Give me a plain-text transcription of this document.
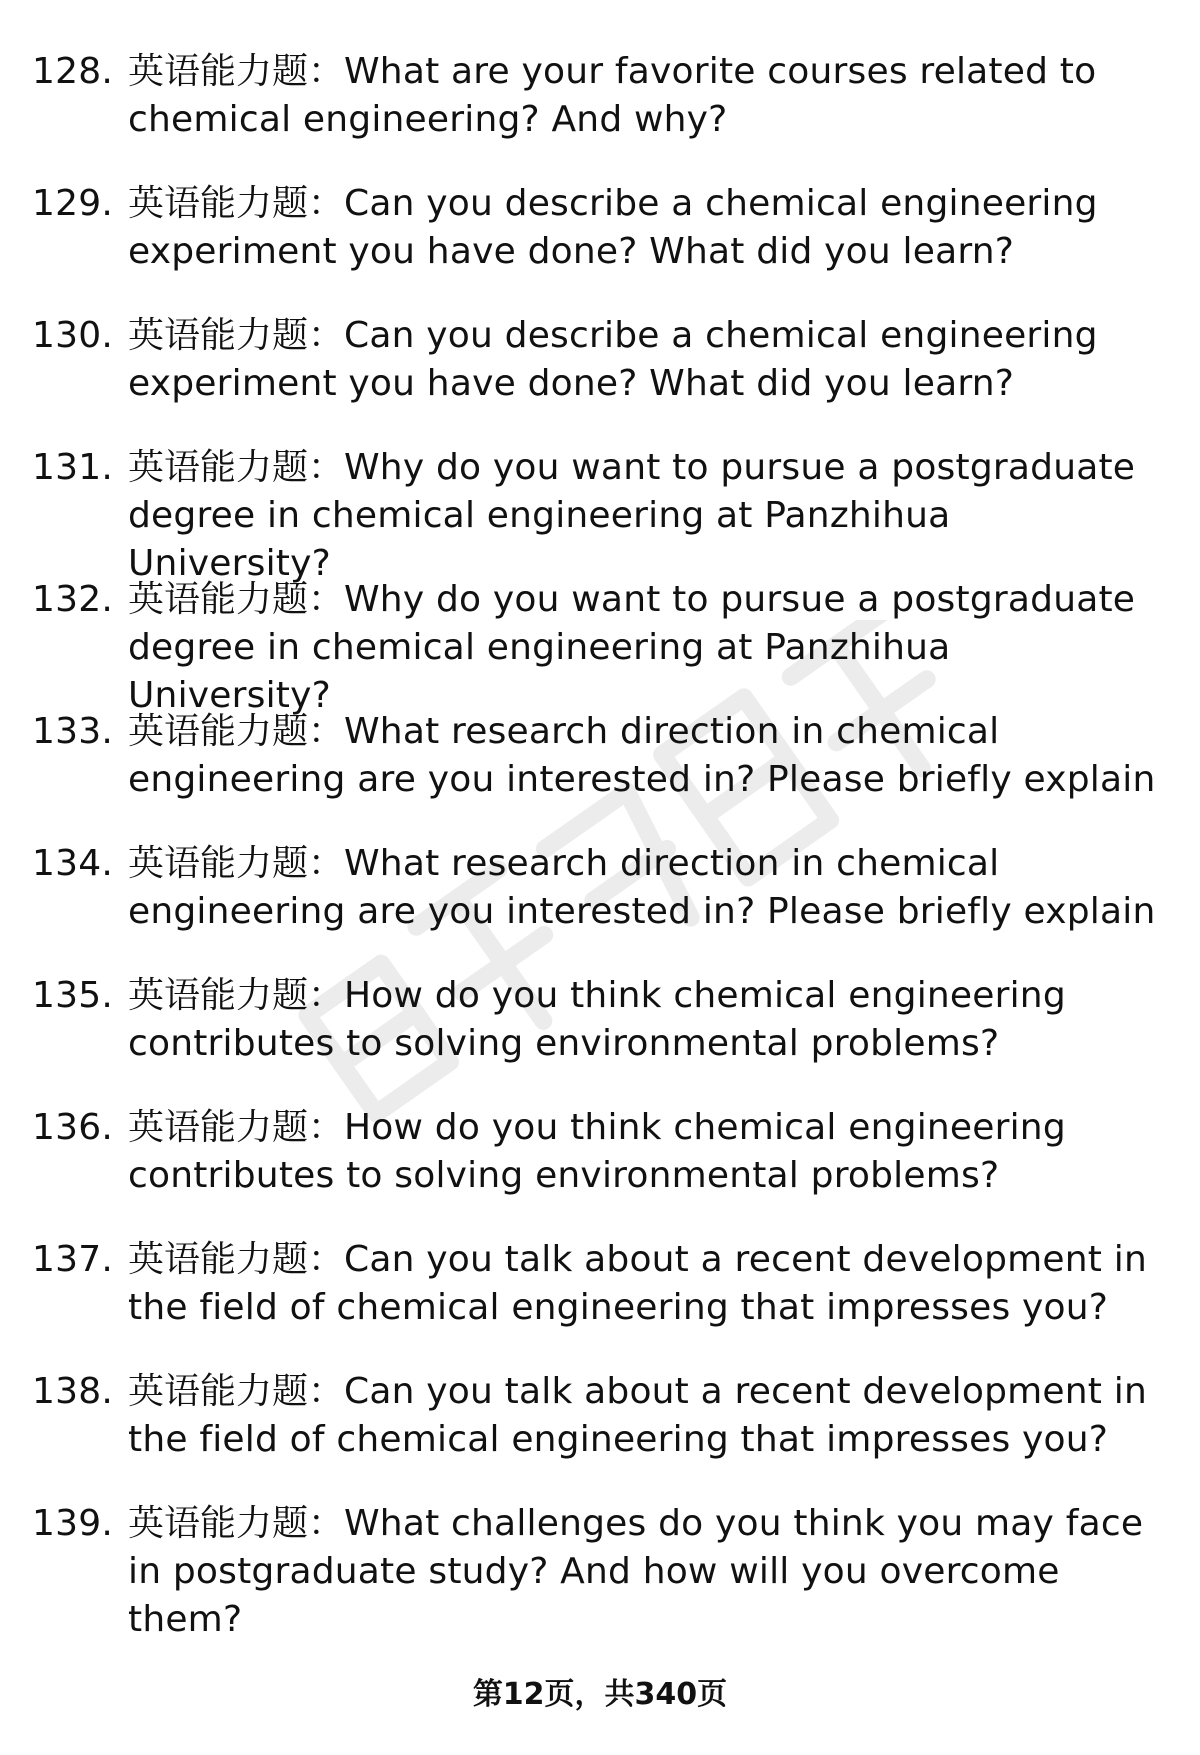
128. 英语能力题：What are your favorite courses related to chemical engineering? And why?
129. 英语能力题：Can you describe a chemical engineering experiment you have done? What did you learn?
130. 英语能力题：Can you describe a chemical engineering experiment you have done? What did you learn?
131. 英语能力题：Why do you want to pursue a postgraduate degree in chemical engineering at Panzhihua University?
132. 英语能力题：Why do you want to pursue a postgraduate degree in chemical engineering at Panzhihua University?
133. 英语能力题：What research direction in chemical engineering are you interested in? Please briefly explain
134. 英语能力题：What research direction in chemical engineering are you interested in? Please briefly explain
135. 英语能力题：How do you think chemical engineering contributes to solving environmental problems?
136. 英语能力题：How do you think chemical engineering contributes to solving environmental problems?
137. 英语能力题：Can you talk about a recent development in the field of chemical engineering that impresses you?
138. 英语能力题：Can you talk about a recent development in the field of chemical engineering that impresses you?
139. 英语能力题：What challenges do you think you may face in postgraduate study? And how will you overcome them?
第12页，共340页
